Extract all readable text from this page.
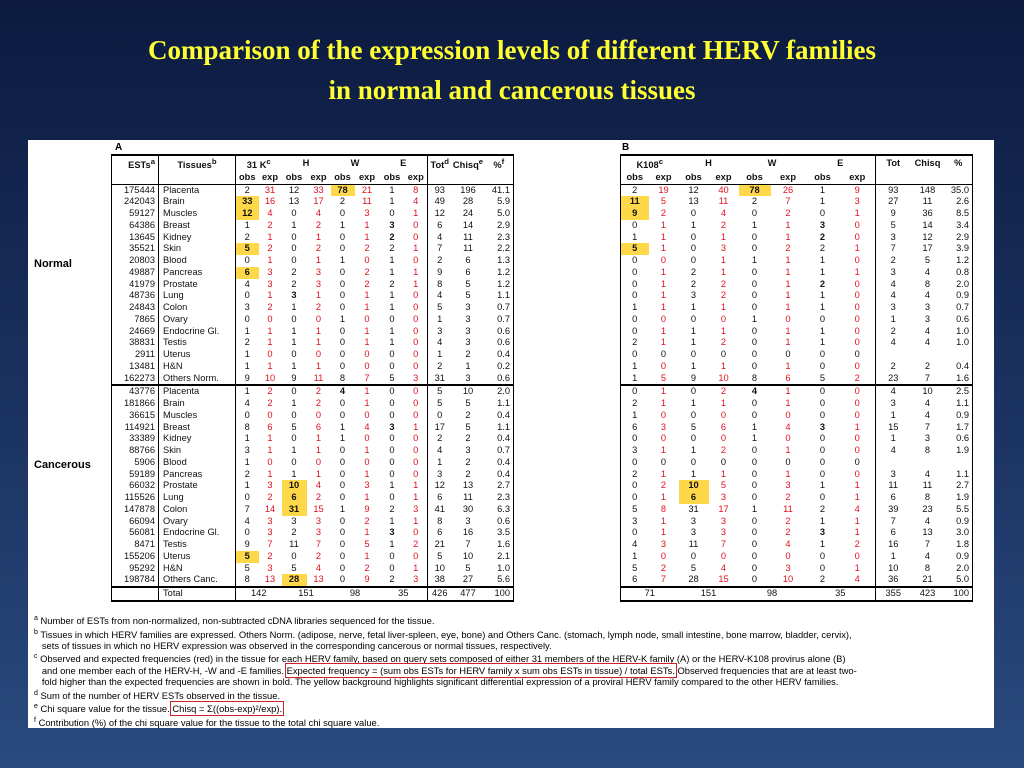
Comparison of the expression levels of different HERV families
in normal and cancerous tissues
A	B
Normal
Cancerous
ESTs$^a$	Tissues$^b$	31 $K^c$		H		W		E		Tot$^d$	Chisq$^e$	%$^f$
		obs	exp	obs	exp	obs	exp	obs	exp			
175444	Placenta	2	31	12	33	78	21	1	8	93	196	41.1
242043	Brain	33	16	13	17	2	11	1	4	49	28	5.9
59127	Muscles	12	4	0	4	0	3	0	1	12	24	5.0
64386	Breast	1	2	1	2	1	1	3	0	6	14	2.9
13645	Kidney	2	1	0	1	0	1	2	0	4	11	2.3
35521	Skin	5	2	0	2	0	2	2	1	7	11	2.2
20803	Blood	0	1	0	1	1	0	1	0	2	6	1.3
49887	Pancreas	6	3	2	3	0	2	1	1	9	6	1.2
41979	Prostate	4	3	2	3	0	2	2	1	8	5	1.2
48736	Lung	0	1	3	1	0	1	1	0	4	5	1.1
24843	Colon	3	2	1	2	0	1	1	0	5	3	0.7
7865	Ovary	0	0	0	0	1	0	0	0	1	3	0.7
24669	Endocrine Gl.	1	1	1	1	0	1	1	0	3	3	0.6
38831	Testis	2	1	1	1	0	1	1	0	4	3	0.6
2911	Uterus	1	0	0	0	0	0	0	0	1	2	0.4
13481	H&N	1	1	1	1	0	0	0	0	2	1	0.2
162273	Others Norm.	9	10	9	11	8	7	5	3	31	3	0.6
43776	Placenta	1	2	0	2	4	1	0	0	5	10	2.0
181866	Brain	4	2	1	2	0	1	0	0	5	5	1.1
36615	Muscles	0	0	0	0	0	0	0	0	0	2	0.4
114921	Breast	8	6	5	6	1	4	3	1	17	5	1.1
33389	Kidney	1	1	0	1	1	0	0	0	2	2	0.4
88766	Skin	3	1	1	1	0	1	0	0	4	3	0.7
5906	Blood	1	0	0	0	0	0	0	0	1	2	0.4
59189	Pancreas	2	1	1	1	0	1	0	0	3	2	0.4
66032	Prostate	1	3	10	4	0	3	1	1	12	13	2.7
115526	Lung	0	2	6	2	0	1	0	1	6	11	2.3
147878	Colon	7	14	31	15	1	9	2	3	41	30	6.3
66094	Ovary	4	3	3	3	0	2	1	1	8	3	0.6
56081	Endocrine Gl.	0	3	2	3	0	1	3	0	6	16	3.5
8471	Testis	9	7	11	7	0	5	1	2	21	7	1.6
155206	Uterus	5	2	0	2	0	1	0	0	5	10	2.1
95292	H&N	5	3	5	4	0	2	0	1	10	5	1.0
198784	Others Canc.	8	13	28	13	0	9	2	3	38	27	5.6
	Total	142		151		98		35		426	477	100
K108$^c$		H		W		E		Tot	Chisq	%
obs	exp	obs	exp	obs	exp	obs	exp			
2	19	12	40	78	26	1	9	93	148	35.0
11	5	13	11	2	7	1	3	27	11	2.6
9	2	0	4	0	2	0	1	9	36	8.5
0	1	1	2	1	1	3	0	5	14	3.4
1	1	0	1	0	1	2	0	3	12	2.9
5	1	0	3	0	2	2	1	7	17	3.9
0	0	0	1	1	1	1	0	2	5	1.2
0	1	2	1	0	1	1	1	3	4	0.8
0	1	2	2	0	1	2	0	4	8	2.0
0	1	3	2	0	1	1	0	4	4	0.9
1	1	1	1	0	1	1	0	3	3	0.7
0	0	0	0	1	0	0	0	1	3	0.6
0	1	1	1	0	1	1	0	2	4	1.0
2	1	1	2	0	1	1	0	4	4	1.0
0	0	0	0	0	0	0	0			
1	0	1	1	0	1	0	0	2	2	0.4
1	5	9	10	8	6	5	2	23	7	1.6
0	1	0	2	4	1	0	0	4	10	2.5
2	1	1	1	0	1	0	0	3	4	1.1
1	0	0	0	0	0	0	0	1	4	0.9
6	3	5	6	1	4	3	1	15	7	1.7
0	0	0	0	1	0	0	0	1	3	0.6
3	1	1	2	0	1	0	0	4	8	1.9
0	0	0	0	0	0	0	0			
2	1	1	1	0	1	0	0	3	4	1.1
0	2	10	5	0	3	1	1	11	11	2.7
0	1	6	3	0	2	0	1	6	8	1.9
5	8	31	17	1	11	2	4	39	23	5.5
3	1	3	3	0	2	1	1	7	4	0.9
0	1	3	3	0	2	3	1	6	13	3.0
4	3	11	7	0	4	1	2	16	7	1.8
1	0	0	0	0	0	0	0	1	4	0.9
5	2	5	4	0	3	0	1	10	8	2.0
6	7	28	15	0	10	2	4	36	21	5.0
71		151		98		35		355	423	100
$^a$ Number of ESTs from non-normalized, non-subtracted cDNA libraries sequenced for the tissue.
$^b$ Tissues in which HERV families are expressed. Others Norm. (adipose, nerve, fetal liver-spleen, eye, bone) and Others Canc. (stomach, lymph node, small intestine, bone marrow, bladder, cervix),
sets of tissues in which no HERV expression was observed in the corresponding cancerous or normal tissues, respectively.
$^c$ Observed and expected frequencies (red) in the tissue for each HERV family, based on query sets composed of either 31 members of the HERV-K family (A) or the HERV-K108 provirus alone (B)
and one member each of the HERV-H, -W and -E families. Expected frequency = (sum obs ESTs for HERV family x sum obs ESTs in tissue) / total ESTs. Observed frequencies that are at least two-
fold higher than the expected frequencies are shown in bold. The yellow background highlights significant differential expression of a proviral HERV family compared to the other HERV families.
$^d$ Sum of the number of HERV ESTs observed in the tissue.
$^e$ Chi square value for the tissue. Chisq = Σ((obs-exp)²/exp).
$^f$ Contribution (%) of the chi square value for the tissue to the total chi square value.
